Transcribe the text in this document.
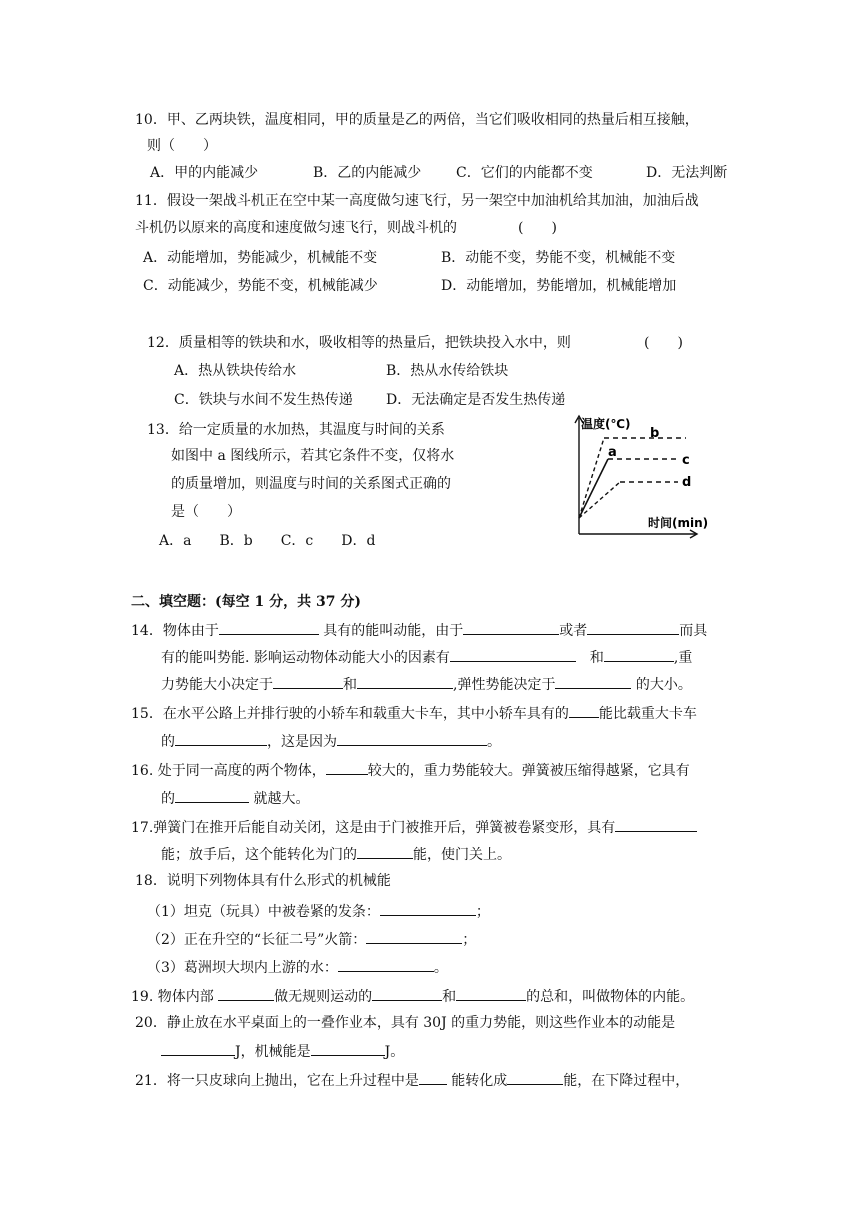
10．甲、乙两块铁，温度相同，甲的质量是乙的两倍，当它们吸收相同的热量后相互接触，
则（　　）
A．甲的内能减少	B．乙的内能减少 C．它们的内能都不变	D．无法判断
11．假设一架战斗机正在空中某一高度做匀速飞行，另一架空中加油机给其加油，加油后战
斗机仍以原来的高度和速度做匀速飞行，则战斗机的	(　　)
A．动能增加，势能减少，机械能不变	B．动能不变，势能不变，机械能不变
C．动能减少，势能不变，机械能减少	D．动能增加，势能增加，机械能增加
12．质量相等的铁块和水，吸收相等的热量后，把铁块投入水中，则	(　　)
A．热从铁块传给水	B．热从水传给铁块
C．铁块与水间不发生热传递 D．无法确定是否发生热传递
13．给一定质量的水加热，其温度与时间的关系
如图中 a 图线所示，若其它条件不变，仅将水
的质量增加，则温度与时间的关系图式正确的
是（　　）
A．a　　B．b　　C．c　　D．d
温度(℃)
时间(min)
b
a
c
d
二、填空题：(每空 1 分，共 37 分)
14．物体由于	具有的能叫动能，由于	或者	而具
有的能叫势能. 影响运动物体动能大小的因素有　	和	,重
力势能大小决定于	和	,弹性势能决定于	的大小。
15．在水平公路上并排行驶的小轿车和载重大卡车，其中小轿车具有的 能比载重大卡车
的	，这是因为	。
16. 处于同一高度的两个物体，	较大的，重力势能较大。弹簧被压缩得越紧，它具有
的	就越大。
17.弹簧门在推开后能自动关闭，这是由于门被推开后，弹簧被卷紧变形，具有
能；放手后，这个能转化为门的	能，使门关上。
18．说明下列物体具有什么形式的机械能
（1）坦克（玩具）中被卷紧的发条：	；
（2）正在升空的“长征二号”火箭：	；
（3）葛洲坝大坝内上游的水：	。
19. 物体内部	做无规则运动的	和	的总和，叫做物体的内能。
20．静止放在水平桌面上的一叠作业本，具有 30J 的重力势能，则这些作业本的动能是
J，机械能是	J。
21．将一只皮球向上抛出，它在上升过程中是 能转化成	能，在下降过程中，
